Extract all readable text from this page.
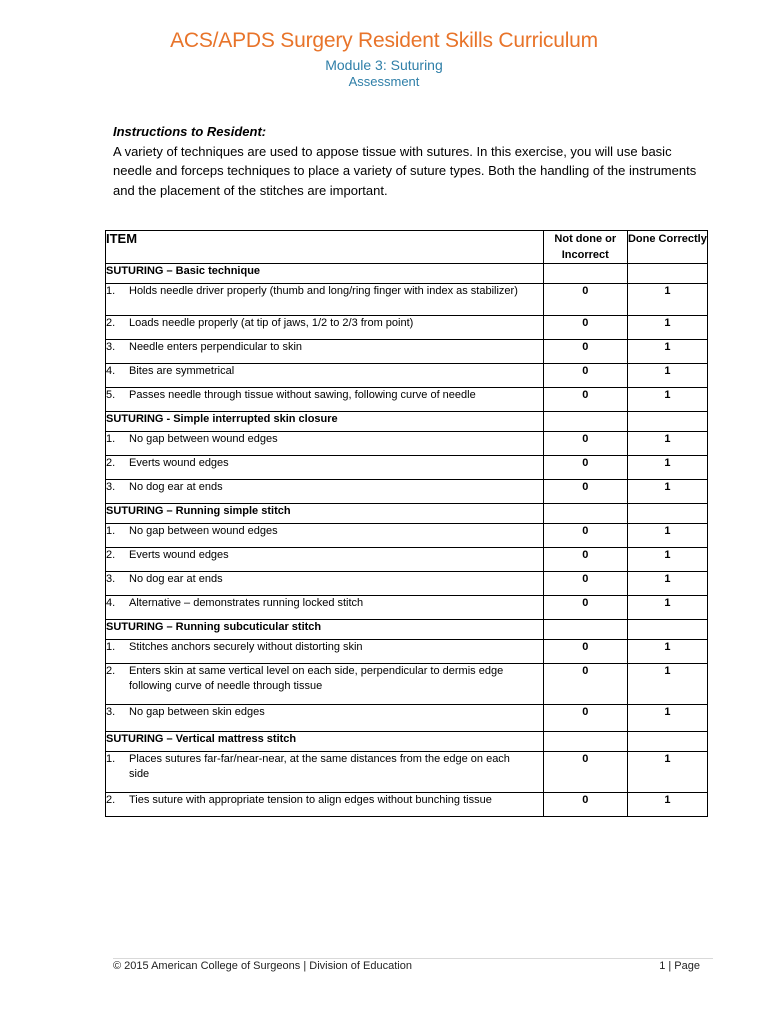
ACS/APDS Surgery Resident Skills Curriculum
Module 3: Suturing
Assessment
Instructions to Resident:

A variety of techniques are used to appose tissue with sutures. In this exercise, you will use basic needle and forceps techniques to place a variety of suture types. Both the handling of the instruments and the placement of the stitches are important.

ITEM	Not done or Incorrect	Done Correctly
SUTURING – Basic technique		
1. Holds needle driver properly (thumb and long/ring finger with index as stabilizer)	0	1
2. Loads needle properly (at tip of jaws, 1/2 to 2/3 from point)	0	1
3. Needle enters perpendicular to skin	0	1
4. Bites are symmetrical	0	1
5. Passes needle through tissue without sawing, following curve of needle	0	1
SUTURING - Simple interrupted skin closure		
1. No gap between wound edges	0	1
2. Everts wound edges	0	1
3. No dog ear at ends	0	1
SUTURING – Running simple stitch		
1. No gap between wound edges	0	1
2. Everts wound edges	0	1
3. No dog ear at ends	0	1
4. Alternative – demonstrates running locked stitch	0	1
SUTURING – Running subcuticular stitch		
1. Stitches anchors securely without distorting skin	0	1
2. Enters skin at same vertical level on each side, perpendicular to dermis edge following curve of needle through tissue	0	1
3.No gap between skin edges	0	1
SUTURING – Vertical mattress stitch		
1. Places sutures far-far/near-near, at the same distances from the edge on each side	0	1
2. Ties suture with appropriate tension to align edges without bunching tissue	0	1
© 2015 American College of Surgeons | Division of Education	1 | Page
